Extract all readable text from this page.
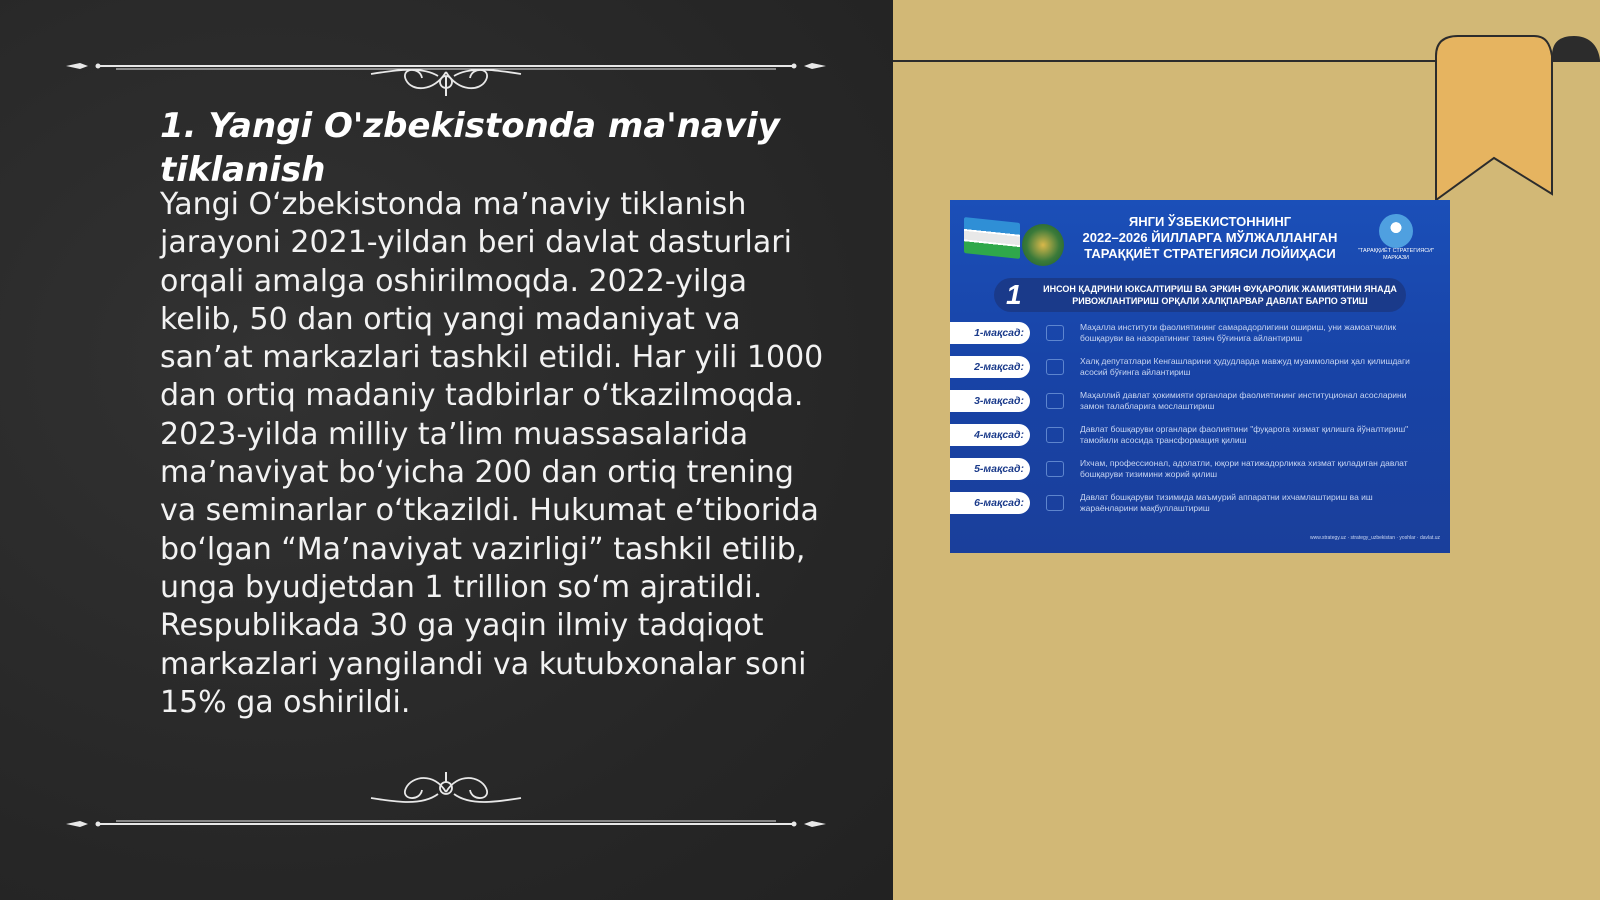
1. Yangi O'zbekistonda ma'naviy tiklanish

Yangi O‘zbekistonda ma’naviy tiklanish jarayoni 2021-yildan beri davlat dasturlari orqali amalga oshirilmoqda. 2022-yilga kelib, 50 dan ortiq yangi madaniyat va san’at markazlari tashkil etildi. Har yili 1000 dan ortiq madaniy tadbirlar o‘tkazilmoqda. 2023-yilda milliy ta’lim muassasalarida ma’naviyat bo‘yicha 200 dan ortiq trening va seminarlar o‘tkazildi. Hukumat e’tiborida bo‘lgan “Ma’naviyat vazirligi” tashkil etilib, unga byudjetdan 1 trillion so‘m ajratildi. Respublikada 30 ga yaqin ilmiy tadqiqot markazlari yangilandi va kutubxonalar soni 15% ga oshirildi.

ЯНГИ ЎЗБЕКИСТОННИНГ
2022–2026 ЙИЛЛАРГА МЎЛЖАЛЛАНГАН
ТАРАҚҚИЁТ СТРАТЕГИЯСИ ЛОЙИҲАСИ	"ТАРАҚҚИЁТ СТРАТЕГИЯСИ" МАРКАЗИ
1	ИНСОН ҚАДРИНИ ЮКСАЛТИРИШ ВА ЭРКИН ФУҚАРОЛИК ЖАМИЯТИНИ ЯНАДА РИВОЖЛАНТИРИШ ОРҚАЛИ ХАЛҚПАРВАР ДАВЛАТ БАРПО ЭТИШ
1-мақсад:	Маҳалла институти фаолиятининг самарадорлигини ошириш, уни жамоатчилик бошқаруви ва назоратининг таянч бўғинига айлантириш
2-мақсад:	Халқ депутатлари Кенгашларини ҳудудларда мавжуд муаммоларни ҳал қилишдаги асосий бўғинга айлантириш
3-мақсад:	Маҳаллий давлат ҳокимияти органлари фаолиятининг институционал асосларини замон талабларига мослаштириш
4-мақсад:	Давлат бошқаруви органлари фаолиятини "фуқарога хизмат қилишга йўналтириш" тамойили асосида трансформация қилиш
5-мақсад:	Ихчам, профессионал, адолатли, юқори натижадорликка хизмат қиладиган давлат бошқаруви тизимини жорий қилиш
6-мақсад:	Давлат бошқаруви тизимида маъмурий аппаратни ихчамлаштириш ва иш жараёнларини мақбуллаштириш
www.strategy.uz · strategy_uzbekistan · yoshlar · davlat.uz
